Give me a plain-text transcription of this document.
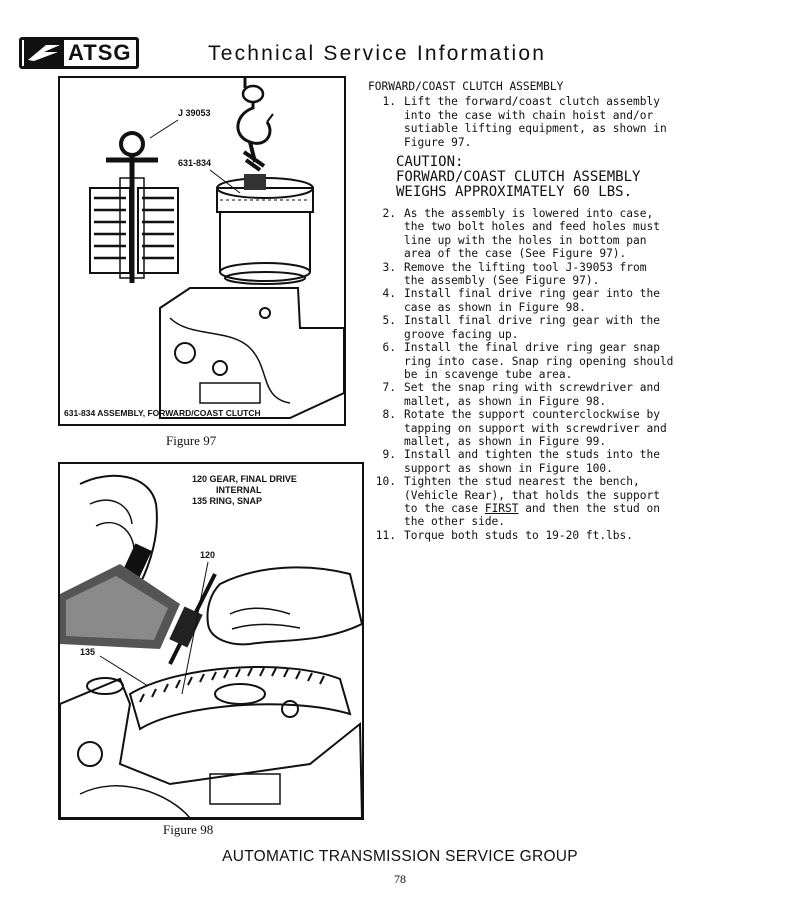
ATSG	Technical Service Information
J 39053
631-834
631-834 ASSEMBLY, FORWARD/COAST CLUTCH
Figure 97
120 GEAR, FINAL DRIVE
INTERNAL
135 RING, SNAP
120
135
Figure 98
FORWARD/COAST CLUTCH ASSEMBLY
1. Lift the forward/coast clutch assembly
into the case with chain hoist and/or
sutiable lifting equipment, as shown in
Figure 97.
CAUTION:
FORWARD/COAST CLUTCH ASSEMBLY
WEIGHS APPROXIMATELY 60 LBS.
2. As the assembly is lowered into case,
the two bolt holes and feed holes must
line up with the holes in bottom pan
area of the case (See Figure 97).
3. Remove the lifting tool J-39053 from
the assembly (See Figure 97).
4. Install final drive ring gear into the
case as shown in Figure 98.
5. Install final drive ring gear with the
groove facing up.
6. Install the final drive ring gear snap
ring into case. Snap ring opening should
be in scavenge tube area.
7. Set the snap ring with screwdriver and
mallet, as shown in Figure 98.
8. Rotate the support counterclockwise by
tapping on support with screwdriver and
mallet, as shown in Figure 99.
9. Install and tighten the studs into the
support as shown in Figure 100.
10. Tighten the stud nearest the bench,
(Vehicle Rear), that holds the support
to the case FIRST and then the stud on
the other side.
11. Torque both studs to 19-20 ft.lbs.
AUTOMATIC TRANSMISSION SERVICE GROUP
78
